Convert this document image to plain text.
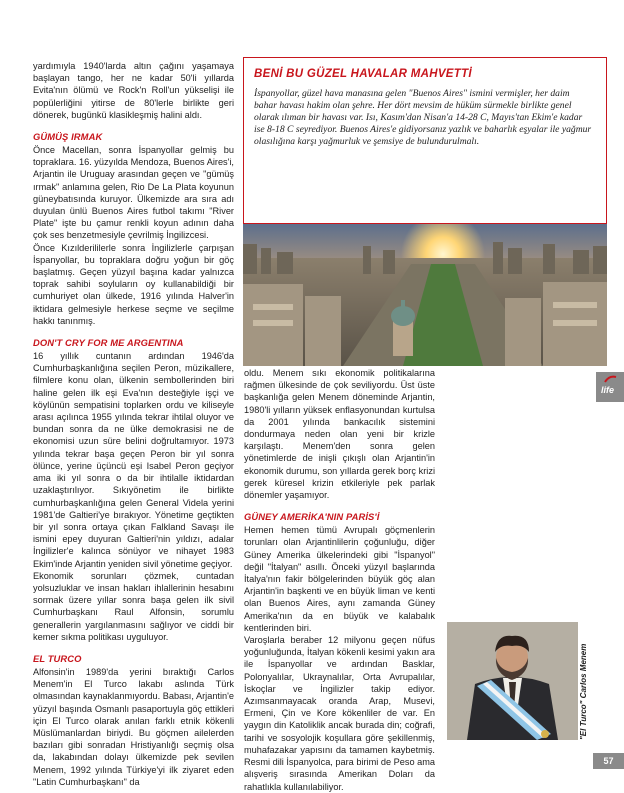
yardımıyla 1940'larda altın çağını yaşamaya başlayan tango, her ne kadar 50'li yıllarda Evita'nın ölümü ve Rock'n Roll'un yükselişi ile popülerliğini yitirse de 80'lerle birlikte geri dönerek, bugünkü klasikleşmiş halini aldı.

GÜMÜŞ IRMAK

Önce Macellan, sonra İspanyollar gelmiş bu topraklara. 16. yüzyılda Mendoza, Buenos Aires'i, Arjantin ile Uruguay arasından geçen ve "gümüş ırmak" anlamına gelen, Rio De La Plata koyunun güneybatısında kuruyor. Ülkemizde ara sıra adı duyulan ünlü Buenos Aires futbol takımı "River Plate" işte bu çamur renkli koyun adının daha çok ses benzetmesiyle çevrilmiş İngilizcesi.

Önce Kızılderililerle sonra İngilizlerle çarpışan İspanyollar, bu topraklara doğru yoğun bir göç başlatmış. Geçen yüzyıl başına kadar yalnızca toprak sahibi soyluların oy kullanabildiği bir cumhuriyet olan ülkede, 1916 yılında Halver'in iktidara gelmesiyle herkese seçme ve seçilme hakkı tanınmış.

DON'T CRY FOR ME ARGENTINA

16 yıllık cuntanın ardından 1946'da Cumhurbaşkanlığına seçilen Peron, müzikallere, filmlere konu olan, ülkenin sembollerinden biri haline gelen ilk eşi Eva'nın desteğiyle işçi ve köylünün sempatisini toplarken ordu ve kiliseyle arası açılınca 1955 yılında tekrar ihtilal oluyor ve bundan sonra da ne ülke demokrasisi ne de ekonomisi uzun süre belini doğrultamıyor. 1973 yılında tekrar başa geçen Peron bir yıl sonra ölünce, yerine üçüncü eşi Isabel Peron geçiyor ama iki yıl sonra o da bir ihtilalle iktidardan uzaklaştırılıyor. Sıkıyönetim ile birlikte cumhurbaşkanlığına gelen General Videla yerini 1981'de Galtieri'ye bırakıyor. Yönetime geçtikten bir yıl sonra ortaya çıkan Falkland Savaşı ile ismini epey duyuran Galtieri'nin yıldızı, adalar İngilizler'e kalınca sönüyor ve nihayet 1983 Ekim'inde Arjantin yeniden sivil yönetime geçiyor.

Ekonomik sorunları çözmek, cuntadan yolsuzluklar ve insan hakları ihlallerinin hesabını sormak üzere yıllar sonra başa gelen ilk sivil Cumhurbaşkanı Raul Alfonsin, sorumlu generallerin yargılanmasını sağlıyor ve ciddi bir kemer sıkma politikası uyguluyor.

EL TURCO

Alfonsin'in 1989'da yerini bıraktığı Carlos Menem'in El Turco lakabı aslında Türk olmasından kaynaklanmıyordu. Babası, Arjantin'e yüzyıl başında Osmanlı pasaportuyla göç ettikleri için El Turco olarak anılan farklı etnik kökenli Müslümanlardan biriydi. Bu göçmen ailelerden bazıları gibi sonradan Hristiyanlığı seçmiş olsa da, lakabından dolayı ülkemizde pek sevilen Menem, 1992 yılında Türkiye'yi ilk ziyaret eden "Latin Cumhurbaşkanı" da

BENİ BU GÜZEL HAVALAR MAHVETTİ
İspanyollar, güzel hava manasına gelen "Buenos Aires" ismini vermişler, her daim bahar havası hakim olan şehre. Her dört mevsim de hüküm sürmekle birlikte genel olarak ılıman bir havası var. Isı, Kasım'dan Nisan'a 14-28 C, Mayıs'tan Ekim'e kadar ise 8-18 C seyrediyor. Buenos Aires'e gidiyorsanız yazlık ve baharlık eşyalar ile yağmur olasılığına karşı yağmurluk ve şemsiye de bulundurulmalı.

oldu. Menem sıkı ekonomik politikalarına rağmen ülkesinde de çok seviliyordu. Üst üste başkanlığa gelen Menem döneminde Arjantin, 1980'li yılların yüksek enflasyonundan kurtulsa da 2001 yılında bankacılık sistemini dondurmaya neden olan yeni bir krizle karşılaştı. Menem'den sonra gelen yönetimlerde de inişli çıkışlı olan Arjantin'in ekonomik durumu, son yıllarda gerek borç krizi gerek küresel krizin etkileriyle pek parlak dönemler yaşamıyor.

GÜNEY AMERİKA'NIN PARİS'İ

Hemen hemen tümü Avrupalı göçmenlerin torunları olan Arjantinlilerin çoğunluğu, diğer Güney Amerika ülkelerindeki gibi "İspanyol" değil "İtalyan" asıllı. Önceki yüzyıl başlarında İtalya'nın fakir bölgelerinden büyük göç alan Arjantin'in başkenti ve en büyük liman ve kenti olan Buenos Aires, aynı zamanda Güney Amerika'nın da en büyük ve kalabalık kentlerinden biri.

Varoşlarla beraber 12 milyonu geçen nüfus yoğunluğunda, İtalyan kökenli kesimi yakın ara ile İspanyollar ve ardından Basklar, Polonyalılar, Ukraynalılar, Orta Avrupalılar, İskoçlar ve İngilizler takip ediyor. Azımsanmayacak oranda Arap, Musevi, Ermeni, Çin ve Kore kökenliler de var. En yaygın din Katoliklik ancak burada din; coğrafi, tarihi ve sosyolojik koşullara göre şekillenmiş, muhafazakar yapısını da tamamen kaybetmiş. Resmi dili İspanyolca, para birimi de Peso ama alışveriş sırasında Amerikan Doları da rahatlıkla kullanılabiliyor.

life
"El Turco" Carlos Menem
57
